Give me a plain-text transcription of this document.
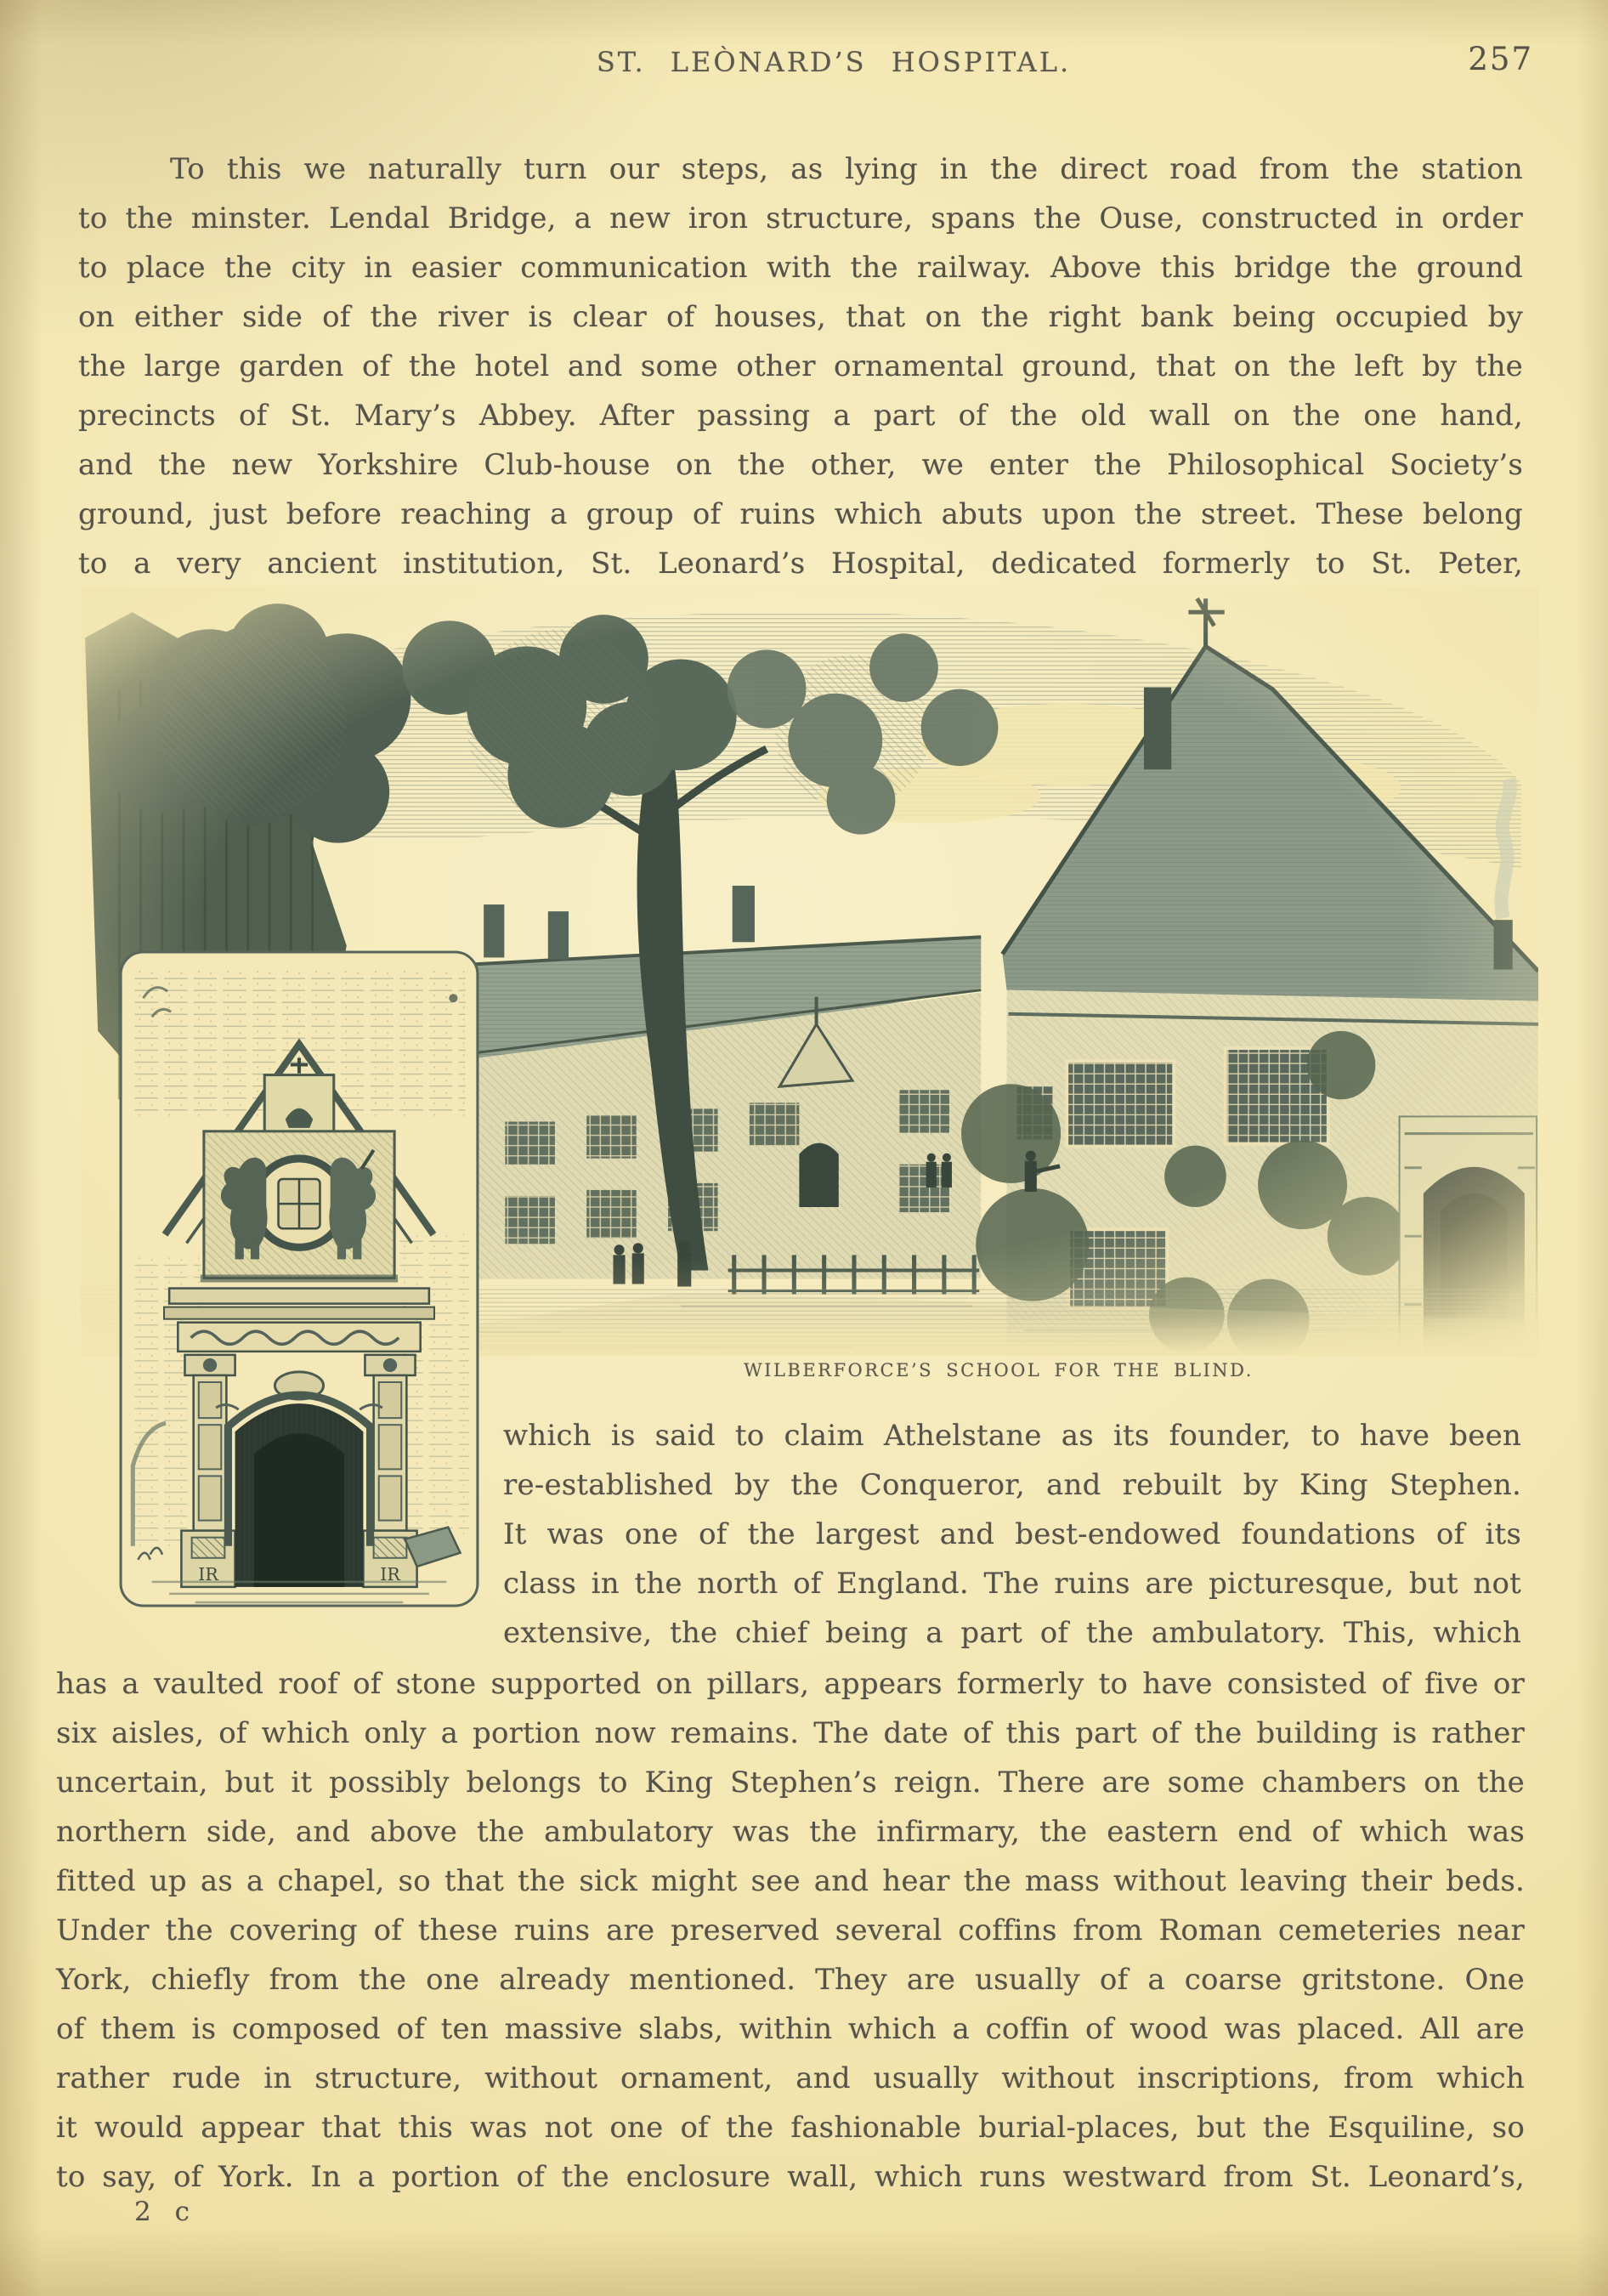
ST. LEÒNARD’S HOSPITAL.	257
To this we naturally turn our steps, as lying in the direct road from the station
to the minster. Lendal Bridge, a new iron structure, spans the Ouse, constructed in order
to place the city in easier communication with the railway. Above this bridge the ground
on either side of the river is clear of houses, that on the right bank being occupied by
the large garden of the hotel and some other ornamental ground, that on the left by the
precincts of St. Mary’s Abbey. After passing a part of the old wall on the one hand,
and the new Yorkshire Club-house on the other, we enter the Philosophical Society’s
ground, just before reaching a group of ruins which abuts upon the street. These belong
to a very ancient institution, St. Leonard’s Hospital, dedicated formerly to St. Peter,
IR	IR
WILBERFORCE’S SCHOOL FOR THE BLIND.
which is said to claim Athelstane as its founder, to have been
re-established by the Conqueror, and rebuilt by King Stephen.
It was one of the largest and best-endowed foundations of its
class in the north of England. The ruins are picturesque, but not
extensive, the chief being a part of the ambulatory. This, which
has a vaulted roof of stone supported on pillars, appears formerly to have consisted of five or
six aisles, of which only a portion now remains. The date of this part of the building is rather
uncertain, but it possibly belongs to King Stephen’s reign. There are some chambers on the
northern side, and above the ambulatory was the infirmary, the eastern end of which was
fitted up as a chapel, so that the sick might see and hear the mass without leaving their beds.
Under the covering of these ruins are preserved several coffins from Roman cemeteries near
York, chiefly from the one already mentioned. They are usually of a coarse gritstone. One
of them is composed of ten massive slabs, within which a coffin of wood was placed. All are
rather rude in structure, without ornament, and usually without inscriptions, from which
it would appear that this was not one of the fashionable burial-places, but the Esquiline, so
to say, of York. In a portion of the enclosure wall, which runs westward from St. Leonard’s,
2 c
